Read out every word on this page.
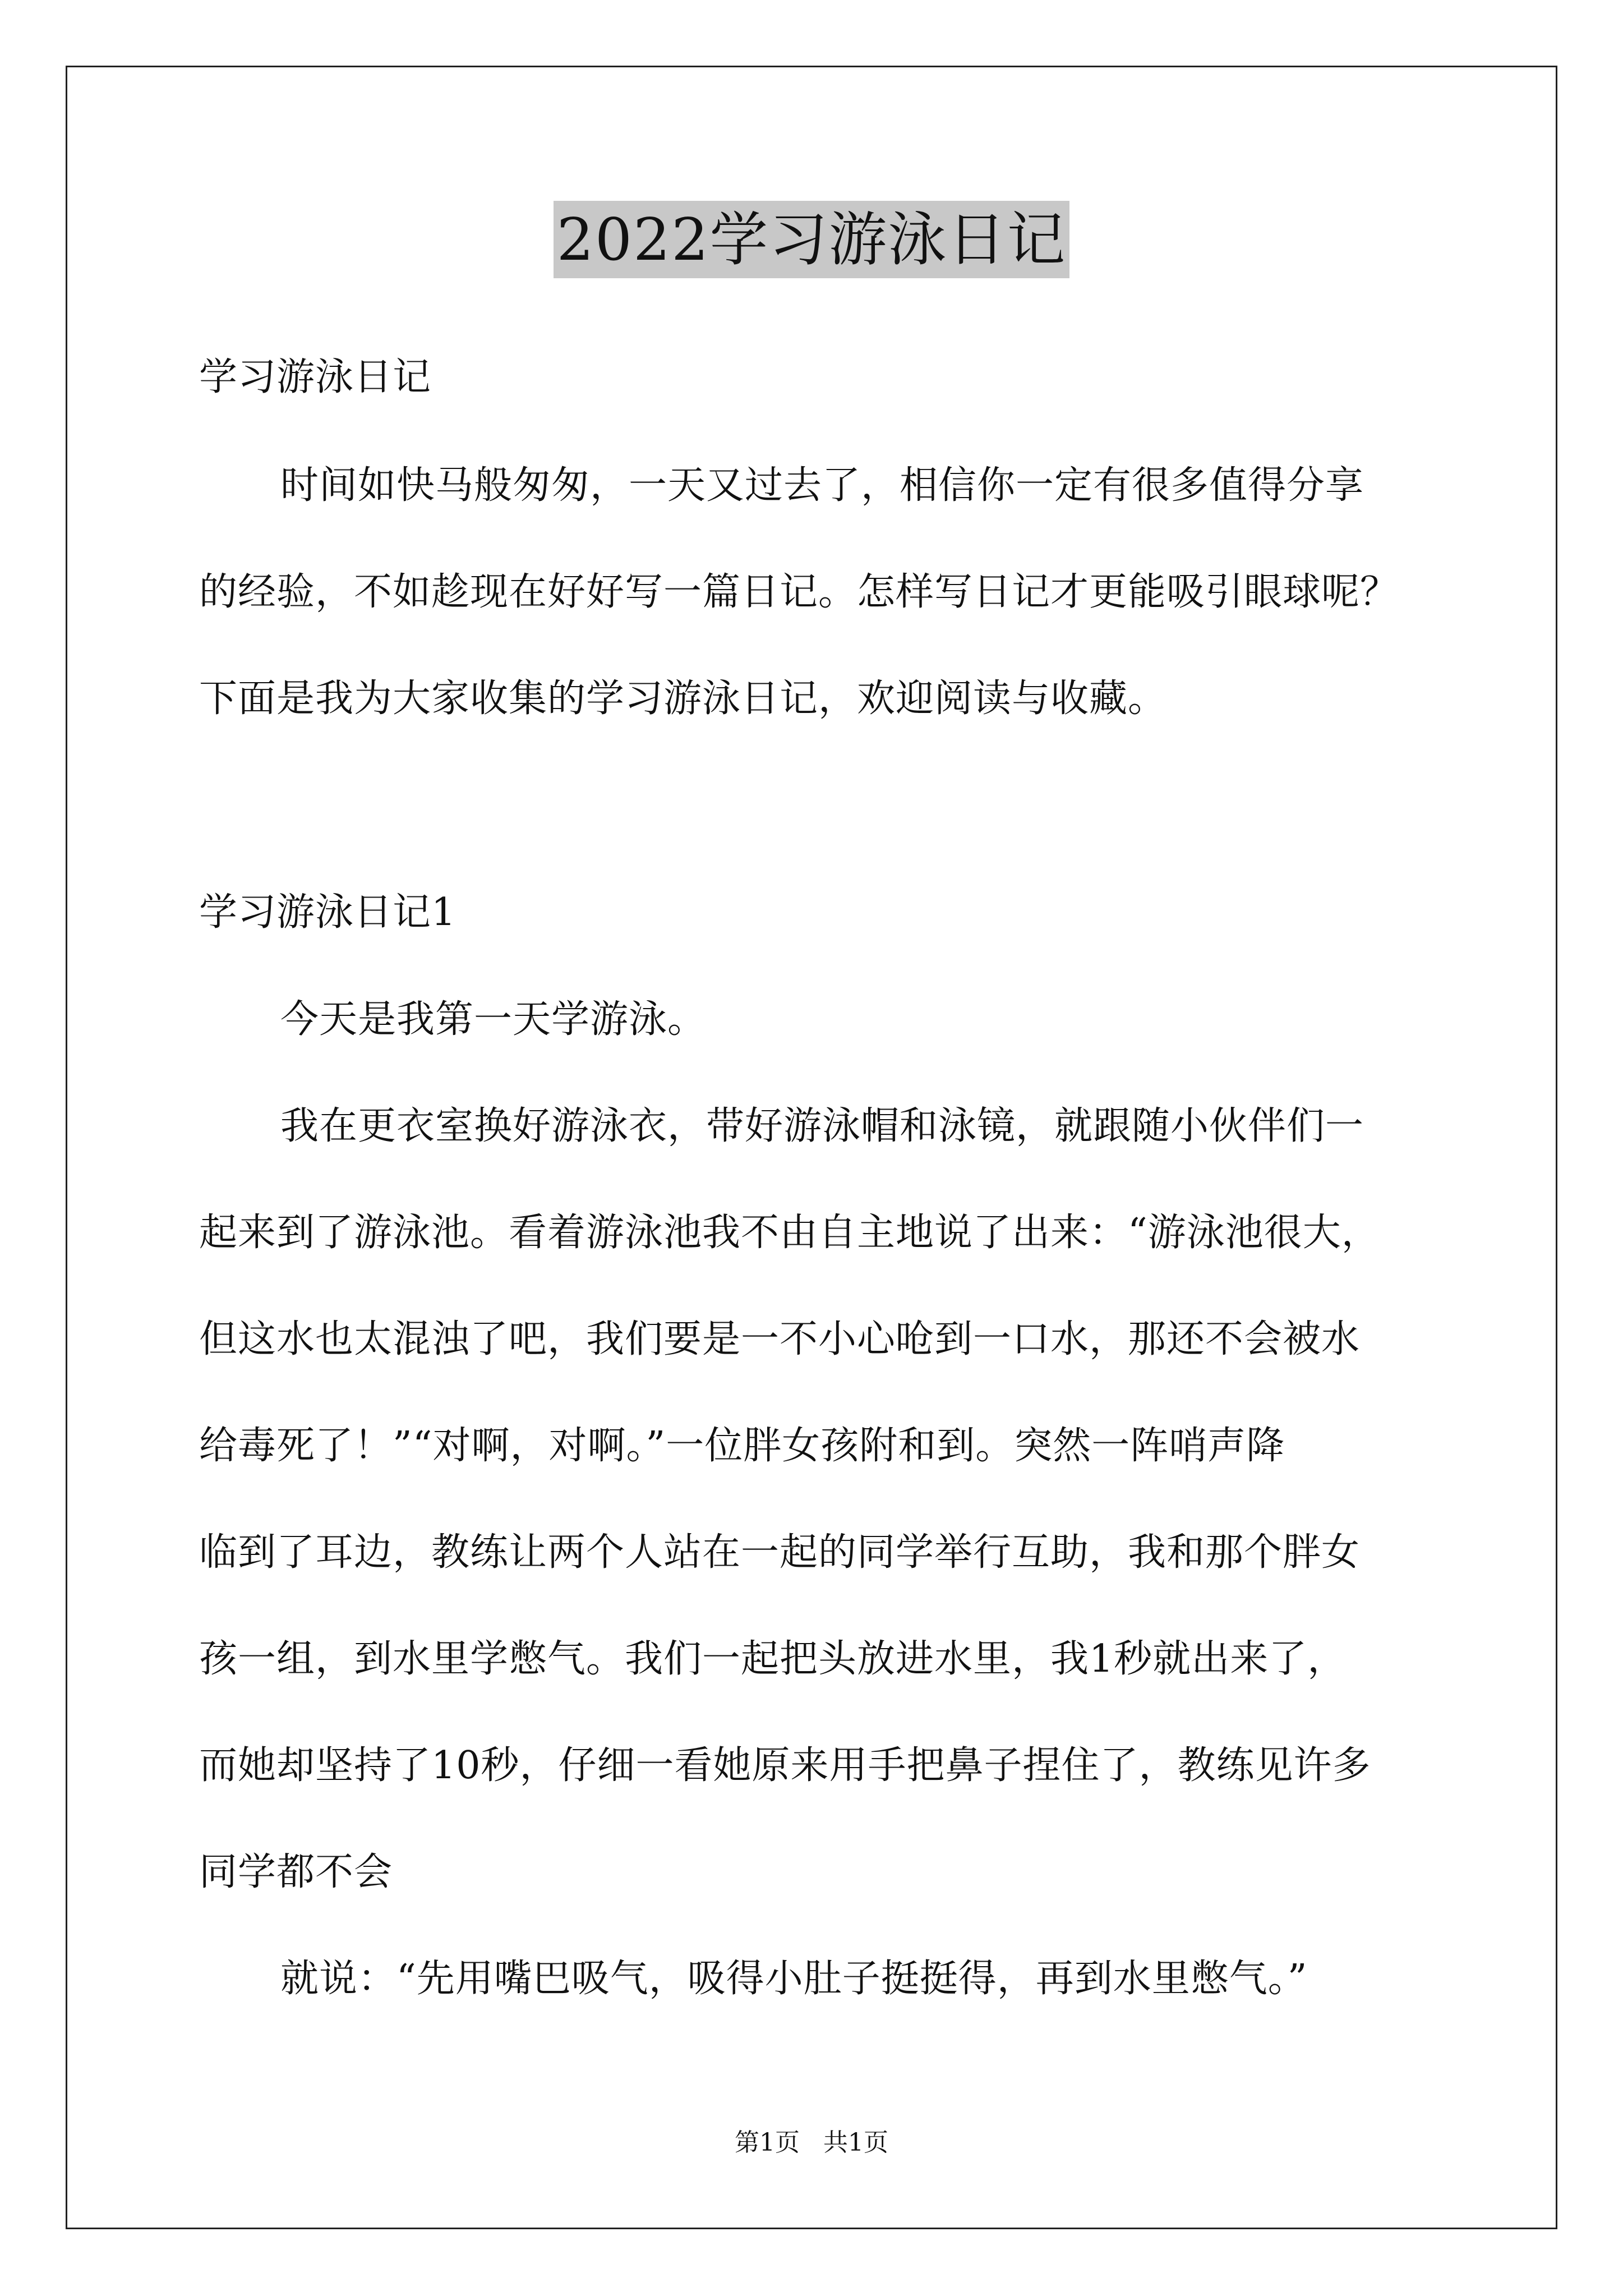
2022学习游泳日记
学习游泳日记
时间如快马般匆匆，一天又过去了，相信你一定有很多值得分享
的经验，不如趁现在好好写一篇日记。怎样写日记才更能吸引眼球呢？
下面是我为大家收集的学习游泳日记，欢迎阅读与收藏。
学习游泳日记1
今天是我第一天学游泳。
我在更衣室换好游泳衣，带好游泳帽和泳镜，就跟随小伙伴们一
起来到了游泳池。看着游泳池我不由自主地说了出来：“游泳池很大，
但这水也太混浊了吧，我们要是一不小心呛到一口水，那还不会被水
给毒死了！”“对啊，对啊。”一位胖女孩附和到。突然一阵哨声降
临到了耳边，教练让两个人站在一起的同学举行互助，我和那个胖女
孩一组，到水里学憋气。我们一起把头放进水里，我1秒就出来了，
而她却坚持了10秒，仔细一看她原来用手把鼻子捏住了，教练见许多
同学都不会
就说：“先用嘴巴吸气，吸得小肚子挺挺得，再到水里憋气。”
第1页   共1页
